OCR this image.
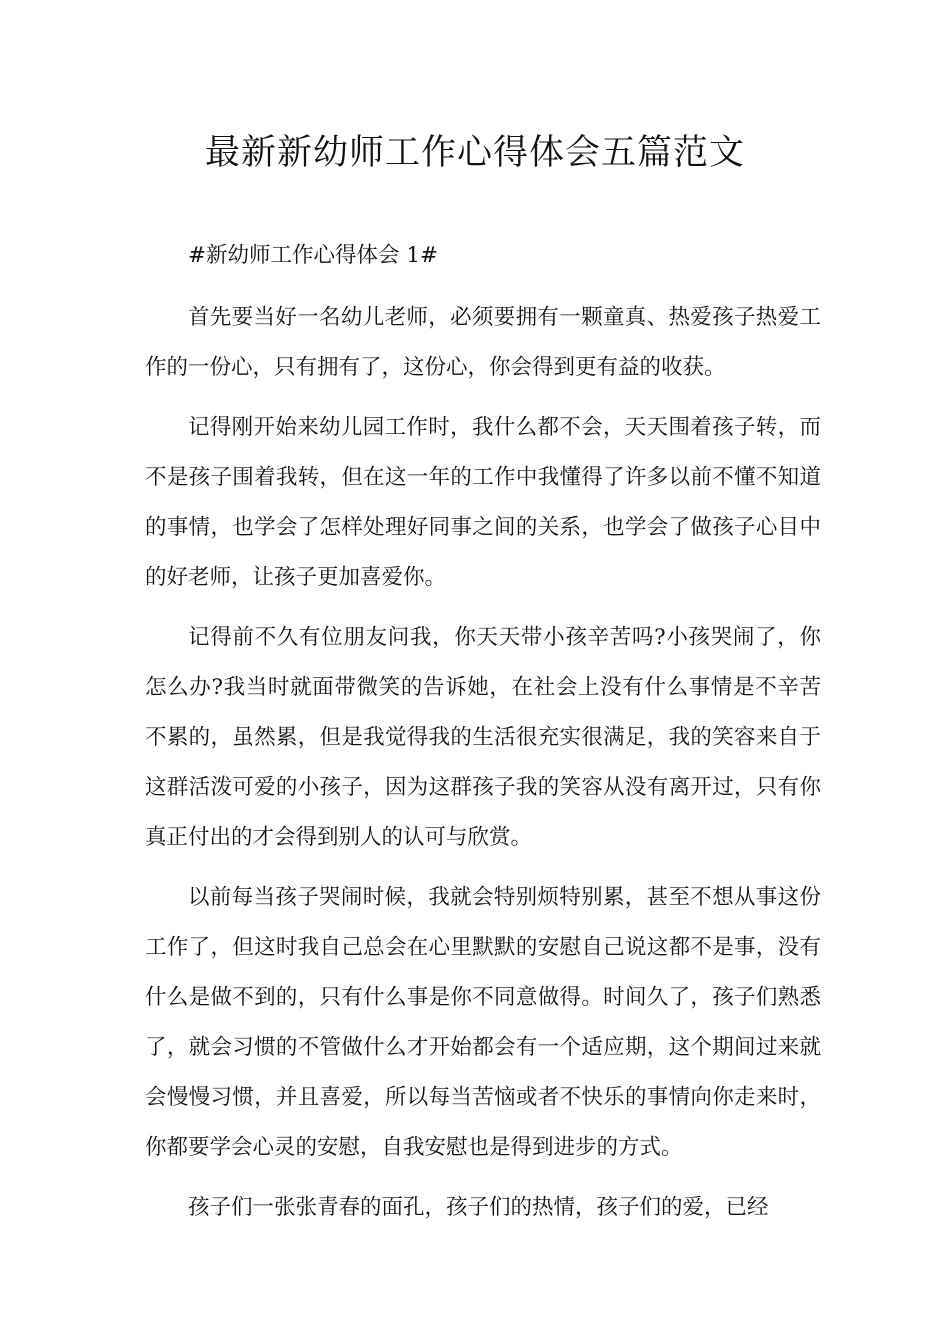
最新新幼师工作心得体会五篇范文

#新幼师工作心得体会 1#

首先要当好一名幼儿老师，必须要拥有一颗童真、热爱孩子热爱工作的一份心，只有拥有了，这份心，你会得到更有益的收获。

记得刚开始来幼儿园工作时，我什么都不会，天天围着孩子转，而不是孩子围着我转，但在这一年的工作中我懂得了许多以前不懂不知道的事情，也学会了怎样处理好同事之间的关系，也学会了做孩子心目中的好老师，让孩子更加喜爱你。

记得前不久有位朋友问我，你天天带小孩辛苦吗?小孩哭闹了，你怎么办?我当时就面带微笑的告诉她，在社会上没有什么事情是不辛苦不累的，虽然累，但是我觉得我的生活很充实很满足，我的笑容来自于这群活泼可爱的小孩子，因为这群孩子我的笑容从没有离开过，只有你真正付出的才会得到别人的认可与欣赏。

以前每当孩子哭闹时候，我就会特别烦特别累，甚至不想从事这份工作了，但这时我自己总会在心里默默的安慰自己说这都不是事，没有什么是做不到的，只有什么事是你不同意做得。时间久了，孩子们熟悉了，就会习惯的不管做什么才开始都会有一个适应期，这个期间过来就会慢慢习惯，并且喜爱，所以每当苦恼或者不快乐的事情向你走来时，你都要学会心灵的安慰，自我安慰也是得到进步的方式。

孩子们一张张青春的面孔，孩子们的热情，孩子们的爱，已经
